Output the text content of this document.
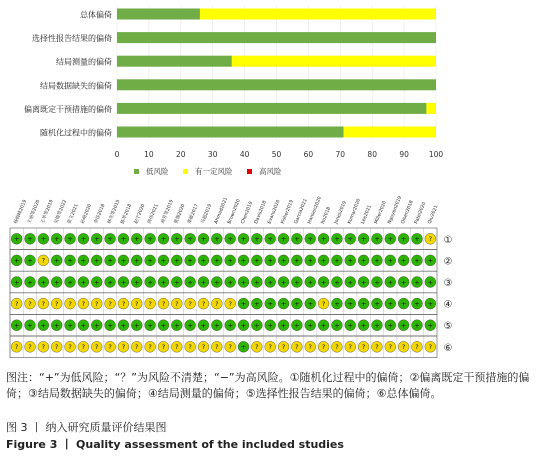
0	10	20	30	40	50	60	70	80	90	100
总体偏倚
选择性报告结果的偏倚
结局测量的偏倚
结局数据缺失的偏倚
偏离既定干预措施的偏倚
随机化过程中的偏倚
低风险	有一定风险	高风险
杨晓峰2019 王丽等2020 王华等2019 吴俊等2022 张文2021 孙萌2020 李佳2018 林光等2015 陈华2018 赵宁2020 周伟2021 刘芳等2019 黄强2020 郑敏2017 马超2019 Ahmad2021
Brown2020
Chen2019 Davis2018 Evans2020 Fisher2019 Garcia2021
Hansen2020
Ito2018 Jones2019 Kumar2020
Lee2021 Miller2020 Nguyen2019
Olsen2018 Patel2020 Qiu2021
①
+ + + + + + + + + + + + + + + + + + + + + + + + + + + + + + + ?
②
+ + ? + + + + + + + + + + + + + + + + + + + + + + + + + + + + +
③
+ + + + + + + + + + + + + + + + + + + + + + + + + + + + + + + +
④
? ? ? ? ? ? ? ? ? ? ? ? ? ? ? ? ? + + + + + + ? + + + + + + + +
⑤
+ + + + + + + + + + + + + + + + + + + + + + + + + + + + + + + +
⑥
? ? ? ? ? ? ? ? ? ? ? ? ? ? ? ? ? + ? ? ? ? ? ? ? ? ? ? ? ? ? ?
图注：“+”为低风险；“？”为风险不清楚；“−”为高风险。①随机化过程中的偏倚；②偏离既定干预措施的偏倚；③结局数据缺失的偏倚；④结局测量的偏倚；⑤选择性报告结果的偏倚；⑥总体偏倚。
图 3 丨 纳入研究质量评价结果图
Figure 3 丨 Quality assessment of the included studies
